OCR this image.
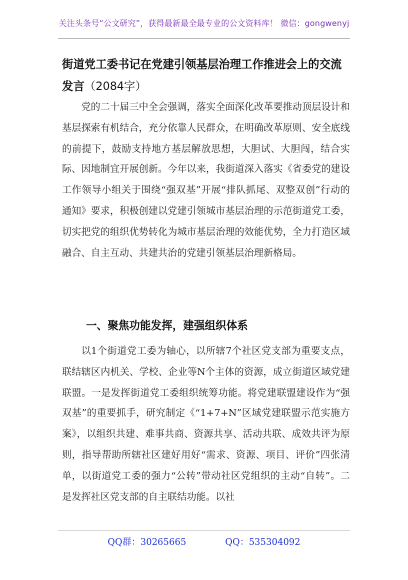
关注头条号“公文研究”，获得最新最全最专业的公文资料库！ 微信：gongwenyj
街道党工委书记在党建引领基层治理工作推进会上的交流发言（2084字）

党的二十届三中全会强调，落实全面深化改革要推动顶层设计和基层探索有机结合，充分依靠人民群众，在明确改革原则、安全底线的前提下，鼓励支持地方基层解放思想，大胆试、大胆闯，结合实际、因地制宜开展创新。今年以来，我街道深入落实《省委党的建设工作领导小组关于围绕“强双基”开展“排队抓尾、双整双创”行动的通知》要求，积极创建以党建引领城市基层治理的示范街道党工委，切实把党的组织优势转化为城市基层治理的效能优势，全力打造区域融合、自主互动、共建共治的党建引领基层治理新格局。

一、聚焦功能发挥，建强组织体系

以1个街道党工委为轴心，以所辖7个社区党支部为重要支点，联结辖区内机关、学校、企业等N个主体的资源，成立街道区域党建联盟。一是发挥街道党工委组织统筹功能。将党建联盟建设作为“强双基”的重要抓手，研究制定《“1+7+N”区域党建联盟示范实施方案》，以组织共建、难事共商、资源共享、活动共联、成效共评为原则，指导帮助所辖社区建好用好“需求、资源、项目、评价”四张清单，以街道党工委的强力“公转”带动社区党组织的主动“自转”。二是发挥社区党支部的自主联结功能。以社

QQ群：30265665	QQ：535304092
